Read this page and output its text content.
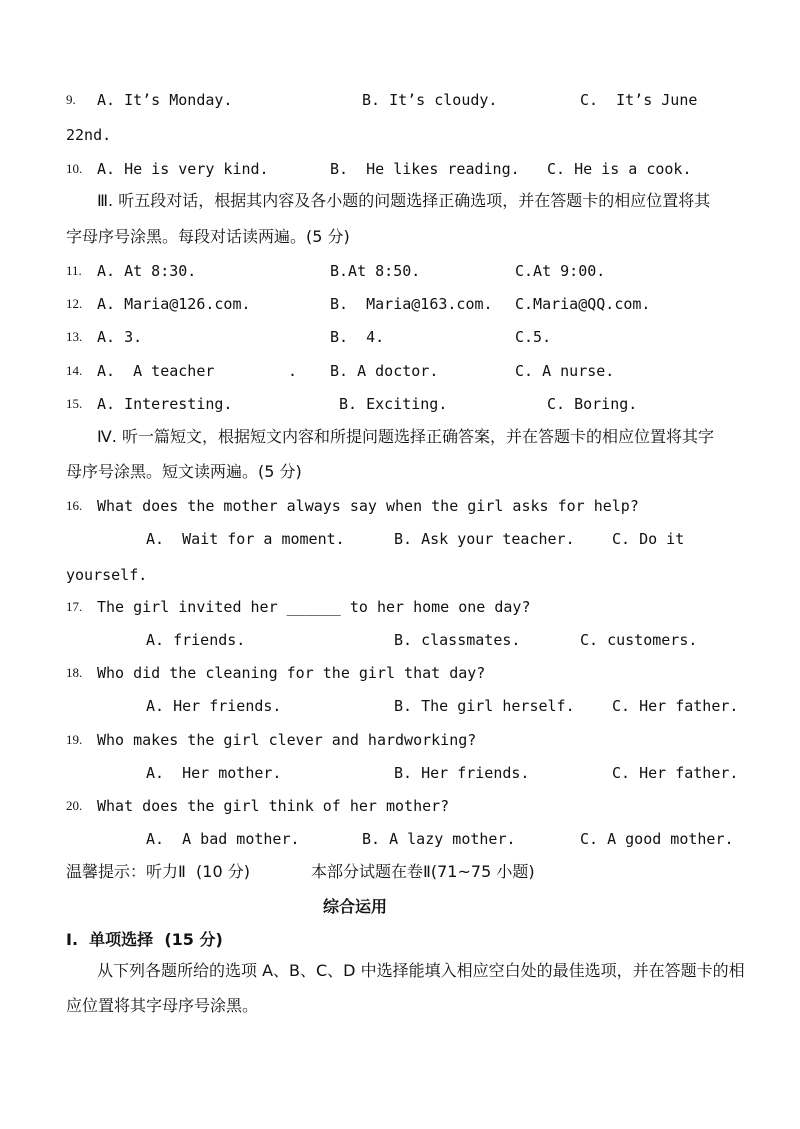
9. A. It’s Monday.	B. It’s cloudy.	C.  It’s June
22nd.
10. A. He is very kind.	B.  He likes reading. C. He is a cook.
Ⅲ. 听五段对话，根据其内容及各小题的问题选择正确选项，并在答题卡的相应位置将其
字母序号涂黑。每段对话读两遍。(5 分)
11. A. At 8:30.	B.At 8:50.	C.At 9:00.
12. A. Maria@126.com.	B.  Maria@163.com. C.Maria@QQ.com.
13. A. 3.	B.  4.	C.5.
14. A.  A teacher	. B. A doctor.	C. A nurse.
15. A. Interesting.	B. Exciting.	C. Boring.
Ⅳ. 听一篇短文，根据短文内容和所提问题选择正确答案，并在答题卡的相应位置将其字
母序号涂黑。短文读两遍。(5 分)
16. What does the mother always say when the girl asks for help?
A.  Wait for a moment.	B. Ask your teacher. C. Do it
yourself.
17. The girl invited her ______ to her home one day?
A. friends.	B. classmates.	C. customers.
18. Who did the cleaning for the girl that day?
A. Her friends.	B. The girl herself. C. Her father.
19. Who makes the girl clever and hardworking?
A.  Her mother.	B. Her friends.	C. Her father.
20. What does the girl think of her mother?
A.  A bad mother.	B. A lazy mother.	C. A good mother.
温馨提示：听力Ⅱ  (10 分)	本部分试题在卷Ⅱ(71~75 小题)
综合运用
Ⅰ.  单项选择  (15 分)
从下列各题所给的选项 A、B、C、D 中选择能填入相应空白处的最佳选项，并在答题卡的相
应位置将其字母序号涂黑。
